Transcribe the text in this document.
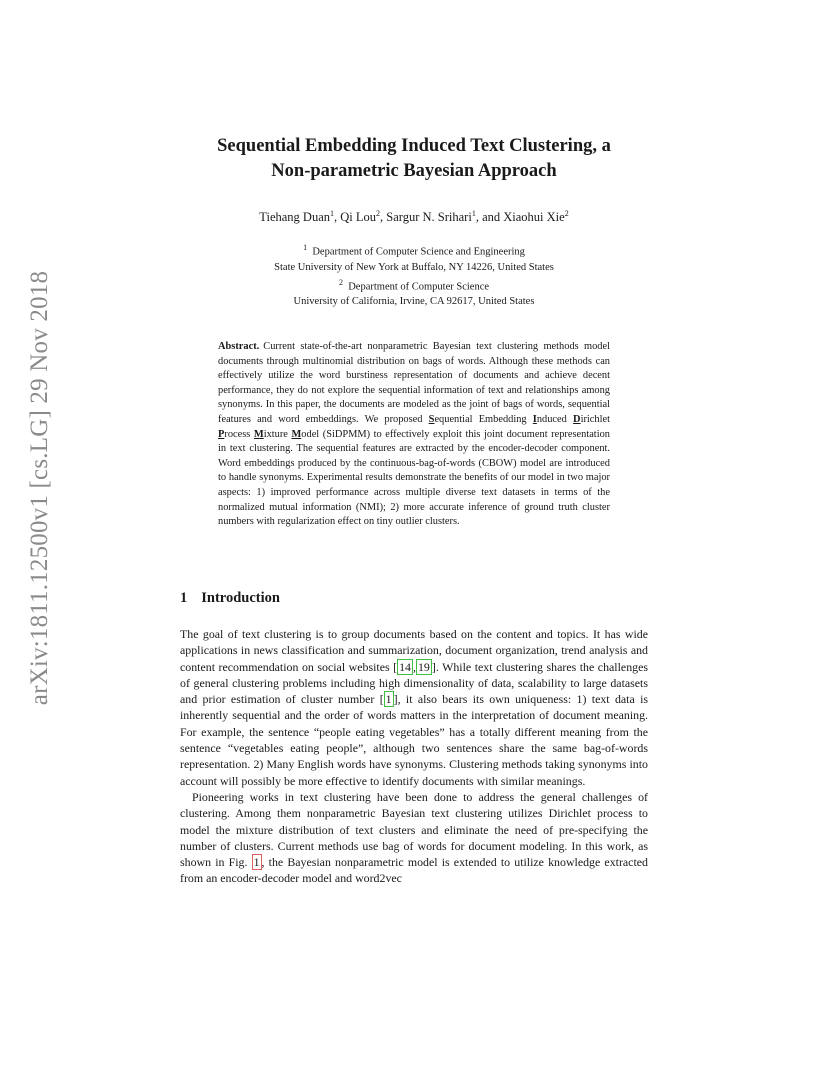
arXiv:1811.12500v1 [cs.LG] 29 Nov 2018
Sequential Embedding Induced Text Clustering, a
Non-parametric Bayesian Approach
Tiehang Duan$^1$, Qi Lou$^2$, Sargur N. Srihari$^1$, and Xiaohui Xie$^2$
$^1$ Department of Computer Science and Engineering
State University of New York at Buffalo, NY 14226, United States
$^2$ Department of Computer Science
University of California, Irvine, CA 92617, United States
Abstract. Current state-of-the-art nonparametric Bayesian text clustering methods model documents through multinomial distribution on bags of words. Although these methods can effectively utilize the word burstiness representation of documents and achieve decent performance, they do not explore the sequential information of text and relationships among synonyms. In this paper, the documents are modeled as the joint of bags of words, sequential features and word embeddings. We proposed Sequential Embedding Induced Dirichlet Process Mixture Model (SiDPMM) to effectively exploit this joint document representation in text clustering. The sequential features are extracted by the encoder-decoder component. Word embeddings produced by the continuous-bag-of-words (CBOW) model are introduced to handle synonyms. Experimental results demonstrate the benefits of our model in two major aspects: 1) improved performance across multiple diverse text datasets in terms of the normalized mutual information (NMI); 2) more accurate inference of ground truth cluster numbers with regularization effect on tiny outlier clusters.
1 Introduction

The goal of text clustering is to group documents based on the content and topics. It has wide applications in news classification and summarization, document organization, trend analysis and content recommendation on social websites [ 14 , 19 ]. While text clustering shares the challenges of general clustering problems including high dimensionality of data, scalability to large datasets and prior estimation of cluster number [ 1 ], it also bears its own uniqueness: 1) text data is inherently sequential and the order of words matters in the interpretation of document meaning. For example, the sentence “people eating vegetables” has a totally different meaning from the sentence “vegetables eating people”, although two sentences share the same bag-of-words representation. 2) Many English words have synonyms. Clustering methods taking synonyms into account will possibly be more effective to identify documents with similar meanings.

Pioneering works in text clustering have been done to address the general challenges of clustering. Among them nonparametric Bayesian text clustering utilizes Dirichlet process to model the mixture distribution of text clusters and eliminate the need of pre-specifying the number of clusters. Current methods use bag of words for document modeling. In this work, as shown in Fig. 1 , the Bayesian nonparametric model is extended to utilize knowledge extracted from an encoder-decoder model and word2vec
